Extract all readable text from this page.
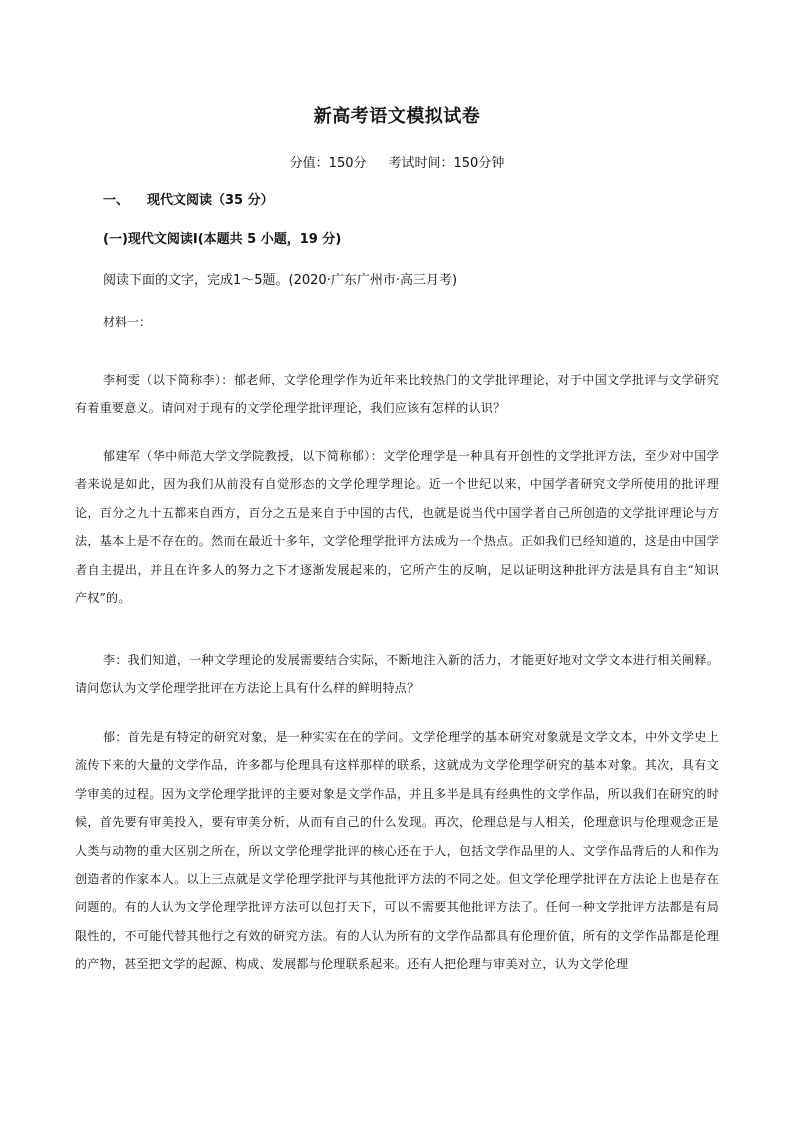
新高考语文模拟试卷
分值：150分 考试时间：150分钟
一、 现代文阅读（35 分）
(一)现代文阅读Ⅰ(本题共 5 小题，19 分)
阅读下面的文字，完成1～5题。(2020·广东广州市·高三月考)
材料一：

李柯雯（以下简称李）：郁老师，文学伦理学作为近年来比较热门的文学批评理论，对于中国文学批评与文学研究有着重要意义。请问对于现有的文学伦理学批评理论，我们应该有怎样的认识？

郁建军（华中师范大学文学院教授，以下简称郁）：文学伦理学是一种具有开创性的文学批评方法，至少对中国学者来说是如此，因为我们从前没有自觉形态的文学伦理学理论。近一个世纪以来，中国学者研究文学所使用的批评理论，百分之九十五都来自西方，百分之五是来自于中国的古代，也就是说当代中国学者自己所创造的文学批评理论与方法，基本上是不存在的。然而在最近十多年，文学伦理学批评方法成为一个热点。正如我们已经知道的，这是由中国学者自主提出，并且在许多人的努力之下才逐渐发展起来的，它所产生的反响，足以证明这种批评方法是具有自主“知识产权”的。

李：我们知道，一种文学理论的发展需要结合实际，不断地注入新的活力，才能更好地对文学文本进行相关阐释。请问您认为文学伦理学批评在方法论上具有什么样的鲜明特点？

郁：首先是有特定的研究对象，是一种实实在在的学问。文学伦理学的基本研究对象就是文学文本，中外文学史上流传下来的大量的文学作品，许多都与伦理具有这样那样的联系，这就成为文学伦理学研究的基本对象。其次，具有文学审美的过程。因为文学伦理学批评的主要对象是文学作品，并且多半是具有经典性的文学作品，所以我们在研究的时候，首先要有审美投入，要有审美分析，从而有自己的什么发现。再次，伦理总是与人相关，伦理意识与伦理观念正是人类与动物的重大区别之所在，所以文学伦理学批评的核心还在于人，包括文学作品里的人、文学作品背后的人和作为创造者的作家本人。以上三点就是文学伦理学批评与其他批评方法的不同之处。但文学伦理学批评在方法论上也是存在问题的。有的人认为文学伦理学批评方法可以包打天下，可以不需要其他批评方法了。任何一种文学批评方法都是有局限性的，不可能代替其他行之有效的研究方法。有的人认为所有的文学作品都具有伦理价值，所有的文学作品都是伦理的产物，甚至把文学的起源、构成、发展都与伦理联系起来。还有人把伦理与审美对立，认为文学伦理
